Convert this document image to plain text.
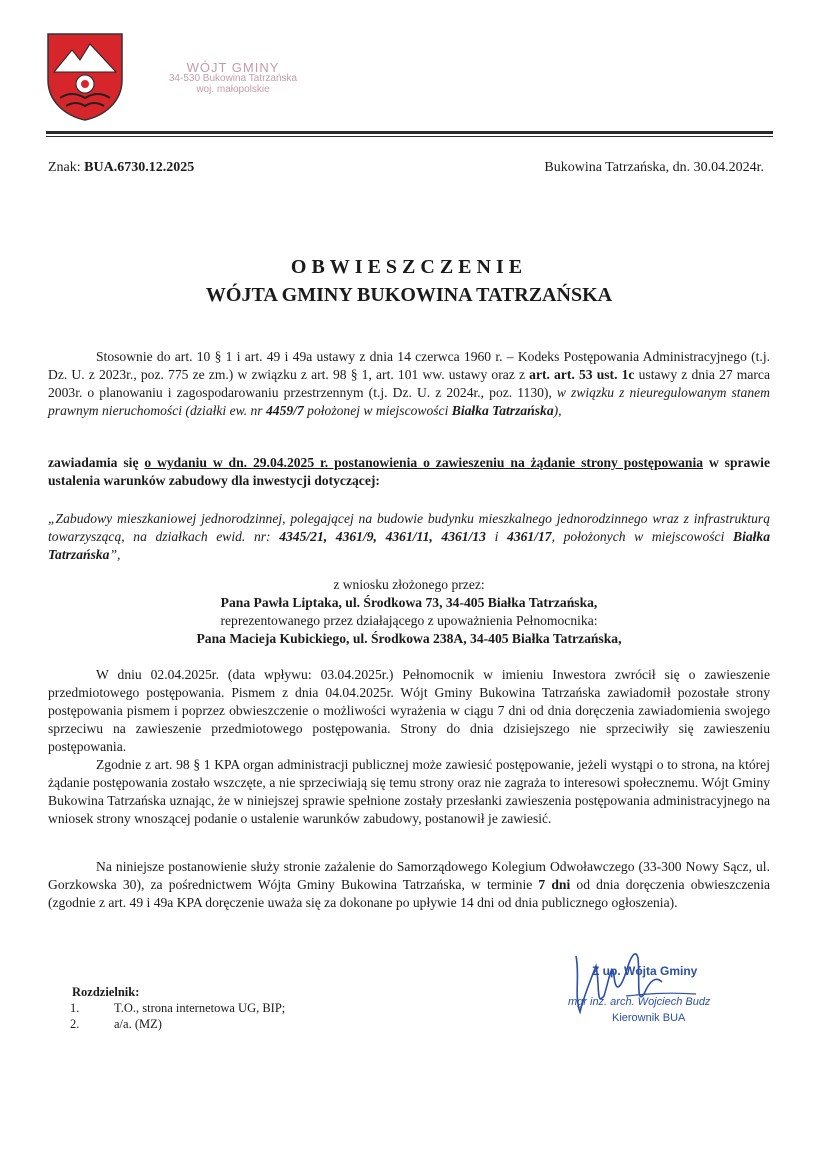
WÓJT GMINY
34-530 Bukowina Tatrzańska
woj. małopolskie
Znak: BUA.6730.12.2025	Bukowina Tatrzańska, dn. 30.04.2024r.
OBWIESZCZENIE
WÓJTA GMINY BUKOWINA TATRZAŃSKA
Stosownie do art. 10 § 1 i art. 49 i 49a ustawy z dnia 14 czerwca 1960 r. – Kodeks Postępowania Administracyjnego (t.j. Dz. U. z 2023r., poz. 775 ze zm.) w związku z art. 98 § 1, art. 101 ww. ustawy oraz z art. art. 53 ust. 1c ustawy z dnia 27 marca 2003r. o planowaniu i zagospodarowaniu przestrzennym (t.j. Dz. U. z 2024r., poz. 1130), w związku z nieuregulowanym stanem prawnym nieruchomości (działki ew. nr 4459/7 położonej w miejscowości Białka Tatrzańska),
zawiadamia się o wydaniu w dn. 29.04.2025 r. postanowienia o zawieszeniu na żądanie strony postępowania w sprawie ustalenia warunków zabudowy dla inwestycji dotyczącej:
„Zabudowy mieszkaniowej jednorodzinnej, polegającej na budowie budynku mieszkalnego jednorodzinnego wraz z infrastrukturą towarzyszącą, na działkach ewid. nr: 4345/21, 4361/9, 4361/11, 4361/13 i 4361/17, położonych w miejscowości Białka Tatrzańska”,
z wniosku złożonego przez:
Pana Pawła Liptaka, ul. Środkowa 73, 34-405 Białka Tatrzańska,
reprezentowanego przez działającego z upoważnienia Pełnomocnika:
Pana Macieja Kubickiego, ul. Środkowa 238A, 34-405 Białka Tatrzańska,
W dniu 02.04.2025r. (data wpływu: 03.04.2025r.) Pełnomocnik w imieniu Inwestora zwrócił się o zawieszenie przedmiotowego postępowania. Pismem z dnia 04.04.2025r. Wójt Gminy Bukowina Tatrzańska zawiadomił pozostałe strony postępowania pismem i poprzez obwieszczenie o możliwości wyrażenia w ciągu 7 dni od dnia doręczenia zawiadomienia swojego sprzeciwu na zawieszenie przedmiotowego postępowania. Strony do dnia dzisiejszego nie sprzeciwiły się zawieszeniu postępowania.
Zgodnie z art. 98 § 1 KPA organ administracji publicznej może zawiesić postępowanie, jeżeli wystąpi o to strona, na której żądanie postępowania zostało wszczęte, a nie sprzeciwiają się temu strony oraz nie zagraża to interesowi społecznemu. Wójt Gminy Bukowina Tatrzańska uznając, że w niniejszej sprawie spełnione zostały przesłanki zawieszenia postępowania administracyjnego na wniosek strony wnoszącej podanie o ustalenie warunków zabudowy, postanowił je zawiesić.
Na niniejsze postanowienie służy stronie zażalenie do Samorządowego Kolegium Odwoławczego (33-300 Nowy Sącz, ul. Gorzkowska 30), za pośrednictwem Wójta Gminy Bukowina Tatrzańska, w terminie 7 dni od dnia doręczenia obwieszczenia (zgodnie z art. 49 i 49a KPA doręczenie uważa się za dokonane po upływie 14 dni od dnia publicznego ogłoszenia).
Z up. Wójta Gminy
mgr inż. arch. Wojciech Budz
Kierownik BUA
Rozdzielnik:
1.	T.O., strona internetowa UG, BIP;
2.	a/a. (MZ)
